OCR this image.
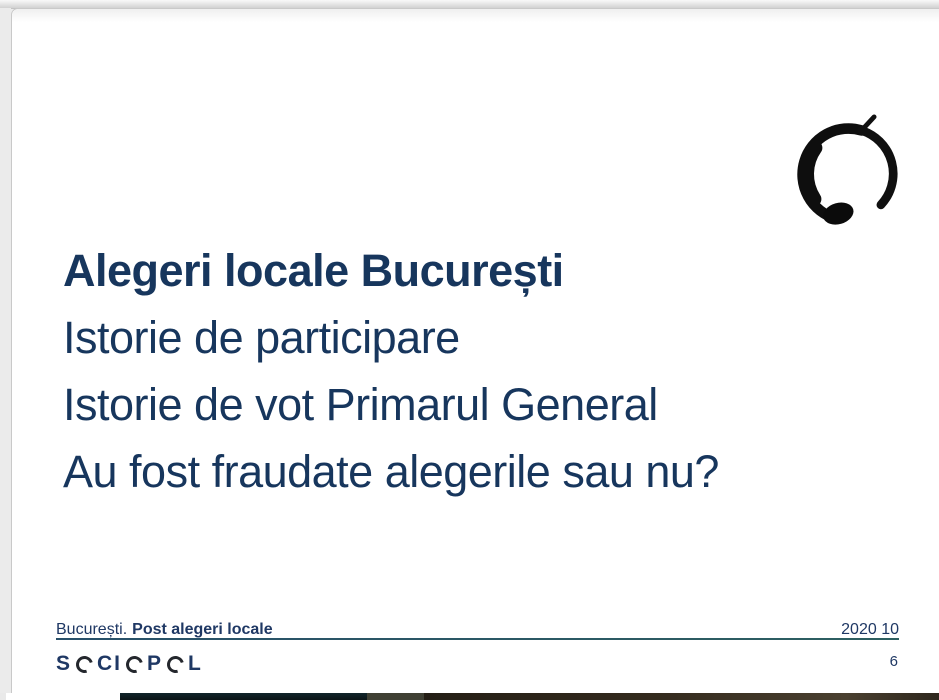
Alegeri locale București
Istorie de participare
Istorie de vot Primarul General
Au fost fraudate alegerile sau nu?
București. Post alegeri locale	2020 10
S CI P L	6
